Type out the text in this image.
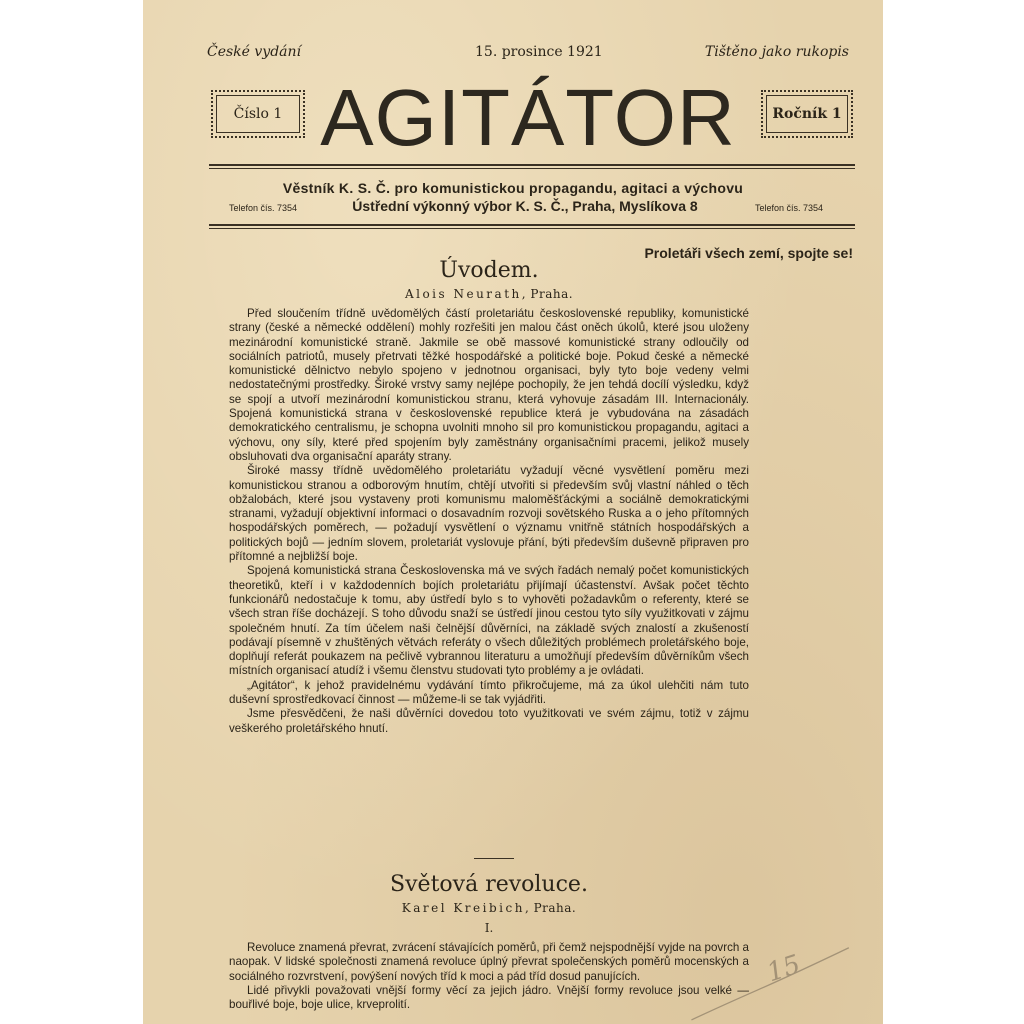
České vydání	15. prosince 1921	Tištěno jako rukopis
Číslo 1 AGITÁTOR	Ročník 1
Věstník K. S. Č. pro komunistickou propagandu, agitaci a výchovu
Telefon čís. 7354	Ústřední výkonný výbor K. S. Č., Praha, Myslíkova 8	Telefon čís. 7354
Proletáři všech zemí, spojte se!
Úvodem.
Alois Neurath, Praha.

Před sloučením třídně uvědomělých částí proletariátu československé republiky, komunistické strany (české a německé oddělení) mohly rozřešiti jen malou část oněch úkolů, které jsou uloženy mezinárodní komunistické straně. Jakmile se obě massové komunistické strany odloučily od sociálních patriotů, musely přetrvati těžké hospodářské a politické boje. Pokud české a německé komunistické dělnictvo nebylo spojeno v jednotnou organisaci, byly tyto boje vedeny velmi nedostatečnými prostředky. Široké vrstvy samy nejlépe pochopily, že jen tehdá docílí výsledku, když se spojí a utvoří mezinárodní komunistickou stranu, která vyhovuje zásadám III. Internacionály. Spojená komunistická strana v československé republice která je vybudována na zásadách demokratického centralismu, je schopna uvolniti mnoho sil pro komunistickou propagandu, agitaci a výchovu, ony síly, které před spojením byly zaměstnány organisačními pracemi, jelikož musely obsluhovati dva organisační aparáty strany.

Široké massy třídně uvědomělého proletariátu vyžadují věcné vysvětlení poměru mezi komunistickou stranou a odborovým hnutím, chtějí utvořiti si především svůj vlastní náhled o těch obžalobách, které jsou vystaveny proti komunismu maloměšťáckými a sociálně demokratickými stranami, vyžadují objektivní informaci o dosavadním rozvoji sovětského Ruska a o jeho přítomných hospodářských poměrech, — požadují vysvětlení o významu vnitřně státních hospodářských a politických bojů — jedním slovem, proletariát vyslovuje přání, býti především duševně připraven pro přítomné a nejbližší boje.

Spojená komunistická strana Československa má ve svých řadách nemalý počet komunistických theoretiků, kteří i v každodenních bojích proletariátu přijímají účastenství. Avšak počet těchto funkcionářů nedostačuje k tomu, aby ústředí bylo s to vyhověti požadavkům o referenty, které se všech stran říše docházejí. S toho důvodu snaží se ústředí jinou cestou tyto síly využitkovati v zájmu společném hnutí. Za tím účelem naši čelnější důvěrníci, na základě svých znalostí a zkušeností podávají písemně v zhuštěných větvách referáty o všech důležitých problémech proletářského boje, doplňují referát poukazem na pečlivě vybrannou literaturu a umožňují především důvěrníkům všech místních organisací atudíž i všemu členstvu studovati tyto problémy a je ovládati.

„Agitátor“, k jehož pravidelnému vydávání tímto přikročujeme, má za úkol ulehčiti nám tuto duševní sprostředkovací činnost — můžeme-li se tak vyjádřiti.

Jsme přesvědčeni, že naši důvěrníci dovedou toto využitkovati ve svém zájmu, totiž v zájmu veškerého proletářského hnutí.

Světová revoluce.
Karel Kreibich, Praha.
I.

Revoluce znamená převrat, zvrácení stávajících poměrů, při čemž nejspodnější vyjde na povrch a naopak. V lidské společnosti znamená revoluce úplný převrat společenských poměrů mocenských a sociálného rozvrstvení, povýšení nových tříd k moci a pád tříd dosud panujících.

Lidé přivykli považovati vnější formy věcí za jejich jádro. Vnější formy revoluce jsou velké — bouřlivé boje, boje ulice, krveprolití.

15
